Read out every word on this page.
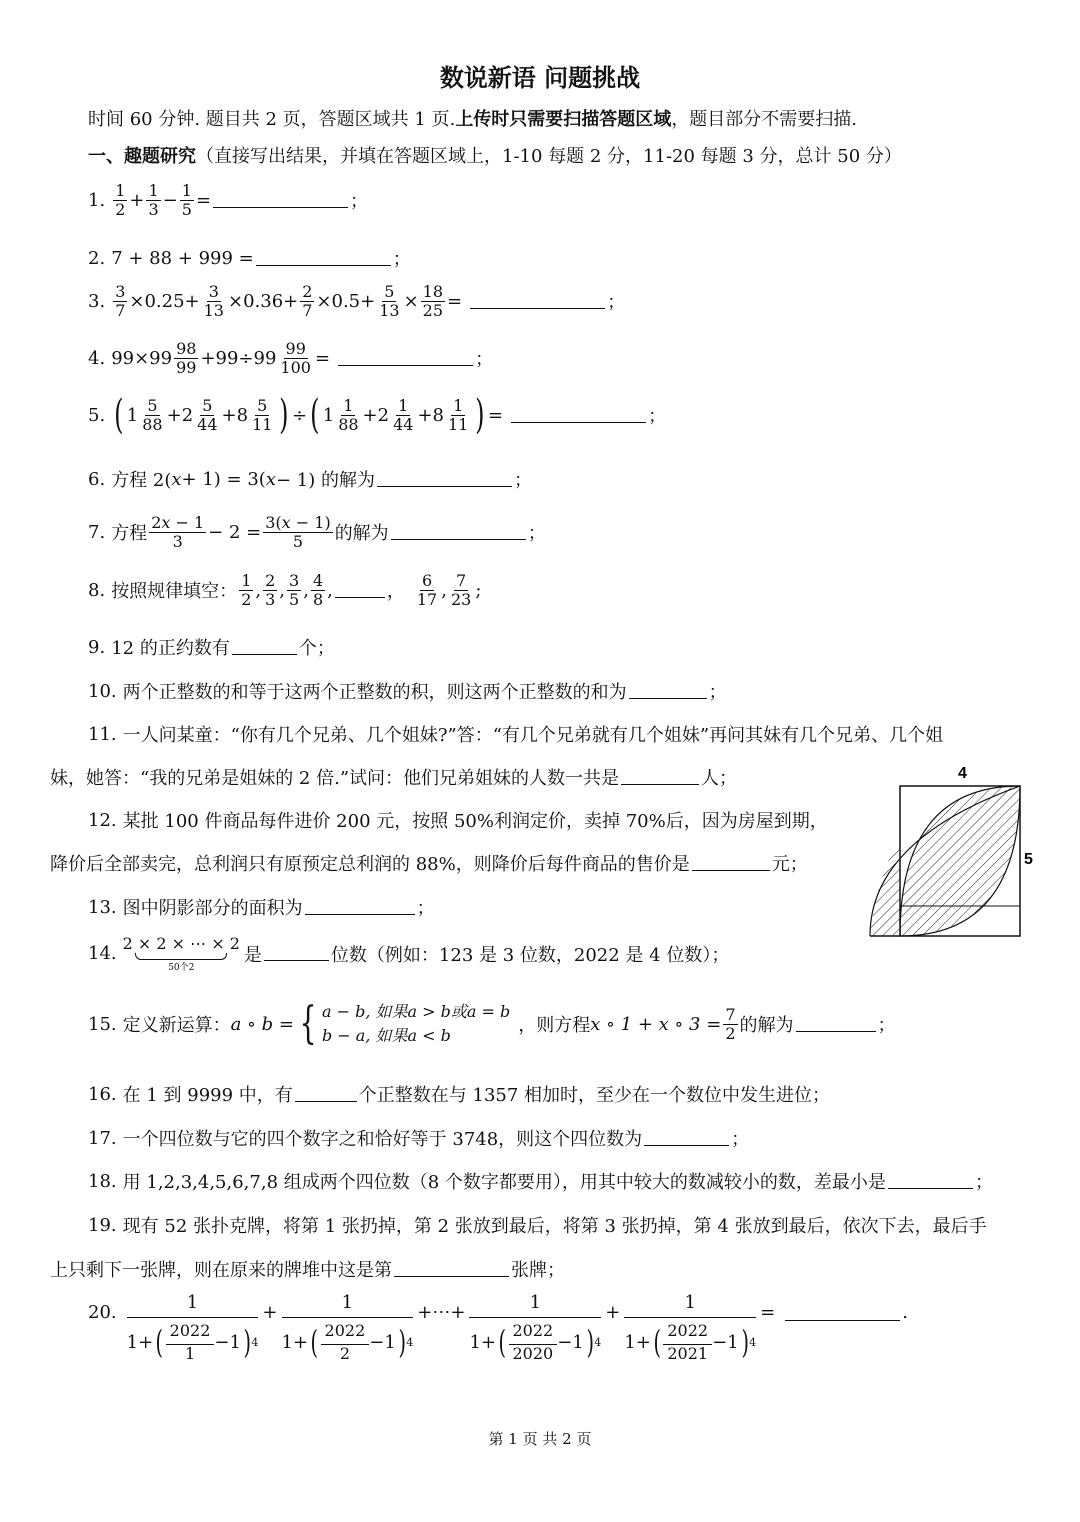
数说新语 问题挑战
时间 60 分钟. 题目共 2 页，答题区域共 1 页. 上传时只需要扫描答题区域 ，题目部分不需要扫描.
一、趣题研究 （直接写出结果，并填在答题区域上，1-10 每题 2 分，11-20 每题 3 分，总计 50 分）
1. $\frac{1}{2} + \frac{1}{3} - \frac{1}{5}$ =	；
2. 7 + 88 + 999 =	；
3. $\frac{3}{7} \times 0.25+ \frac{3}{13} \times 0.36+ \frac{2}{7} \times 0.5+ \frac{5}{13} \times \frac{18}{25}$ =	；
4. $99\times 99 \frac{98}{99} +99\div 99 \frac{99}{100}$ =	；
5. ( $1 \frac{5}{88} +2 \frac{5}{44} +8 \frac{5}{11}$ ) ÷ ( $1 \frac{1}{88} +2 \frac{1}{44} +8 \frac{1}{11}$ ) =	；
6. 方程 2( x + 1) = 3( x − 1) 的解为	；
7. 方程 $\frac{2x - 1}{3} - 2 = \frac{3(x - 1)}{5}$ 的解为	；
8. 按照规律填空： $\frac{1}{2}$ , $\frac{2}{3}$ , $\frac{3}{5}$ , $\frac{4}{8}$ ,	， $\frac{6}{17}$ , $\frac{7}{23}$ ;
9. 12 的正约数有	个；
10. 两个正整数的和等于这两个正整数的积，则这两个正整数的和为	；
11. 一人问某童：“你有几个兄弟、几个姐妹?”答：“有几个兄弟就有几个姐妹”再问其妹有几个兄弟、几个姐
妹，她答：“我的兄弟是姐妹的 2 倍.”试问：他们兄弟姐妹的人数一共是	人；
12. 某批 100 件商品每件进价 200 元，按照 50%利润定价，卖掉 70%后，因为房屋到期，
降价后全部卖完，总利润只有原预定总利润的 88%，则降价后每件商品的售价是	元；
4
5
13. 图中阴影部分的面积为	；
14. 2 × 2 × ⋯ × 2
50个2
是	位数（例如：123 是 3 位数，2022 是 4 位数）；
15. 定义新运算： a ∘ b = { a − b, 如果a > b或a = b
b − a, 如果a < b	，则方程 x ∘ 1 + x ∘ $3 = \frac{7}{2}$ 的解为	；
16. 在 1 到 9999 中，有	个正整数在与 1357 相加时，至少在一个数位中发生进位；
17. 一个四位数与它的四个数字之和恰好等于 3748，则这个四位数为	；
18. 用 1,2,3,4,5,6,7,8 组成两个四位数（8 个数字都要用），用其中较大的数减较小的数，差最小是	；
19. 现有 52 张扑克牌，将第 1 张扔掉，第 2 张放到最后，将第 3 张扔掉，第 4 张放到最后，依次下去，最后手
上只剩下一张牌，则在原来的牌堆中这是第	张牌；
20.	1
1+ ( $\frac{2022}{1} -1$ ) 4
+ $\frac{1}{1+ ( \frac{2022}{2} -1 ) 4}$ +⋯+ $\frac{1}{1+ ( \frac{2022}{2020} -1 ) 4} + \frac{1}{1+ ( \frac{2022}{2021} -1 ) 4}$ =	.
第 1 页 共 2 页
